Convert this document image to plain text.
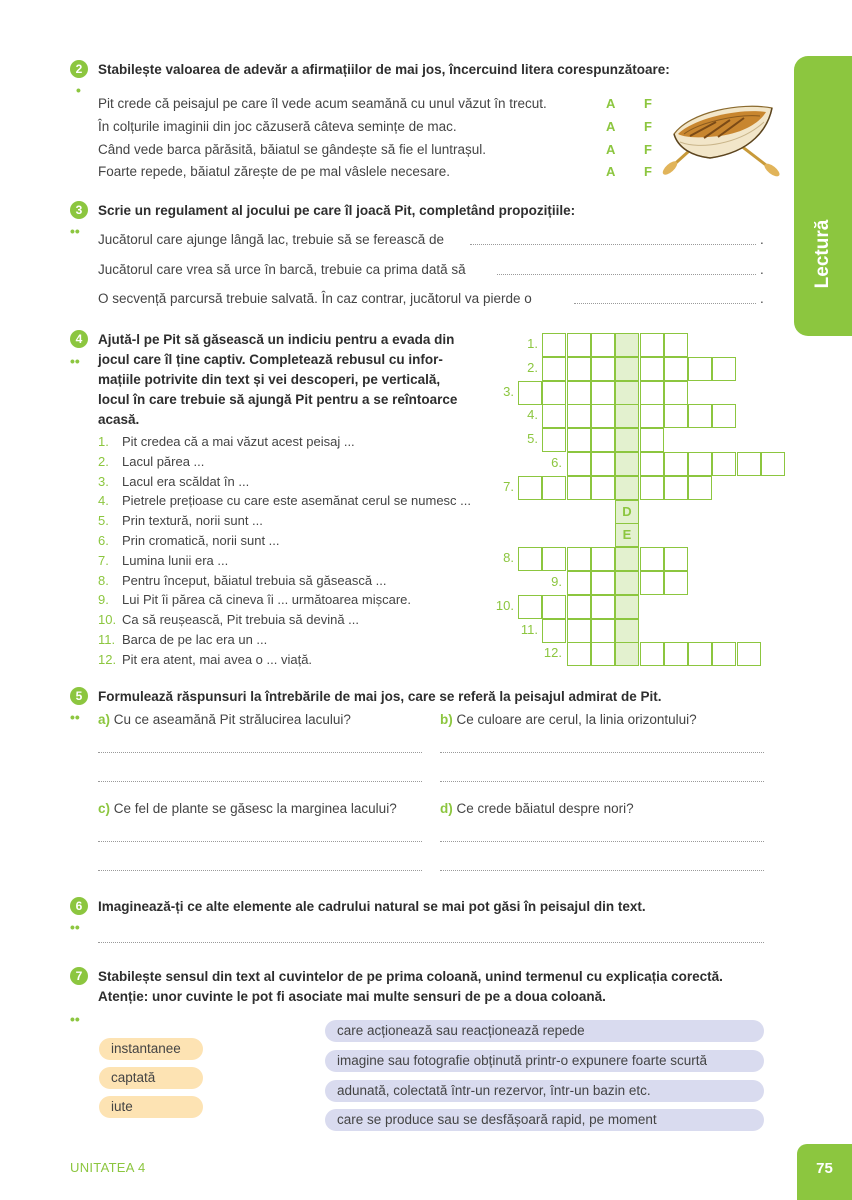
Lectură
2
•
Stabilește valoarea de adevăr a afirmațiilor de mai jos, încercuind litera corespunzătoare:
Pit crede că peisajul pe care îl vede acum seamănă cu unul văzut în trecut.	A F
În colțurile imaginii din joc căzuseră câteva semințe de mac.	A F
Când vede barca părăsită, băiatul se gândește să fie el luntrașul.	A F
Foarte repede, băiatul zărește de pe mal vâslele necesare.	A F
3
••
Scrie un regulament al jocului pe care îl joacă Pit, completând propozițiile:
Jucătorul care ajunge lângă lac, trebuie să se ferească de	.
Jucătorul care vrea să urce în barcă, trebuie ca prima dată să	.
O secvență parcursă trebuie salvată. În caz contrar, jucătorul va pierde o	.
4
••
Ajută-l pe Pit să găsească un indiciu pentru a evada din
jocul care îl ține captiv. Completează rebusul cu infor-
mațiile potrivite din text și vei descoperi, pe verticală,
locul în care trebuie să ajungă Pit pentru a se reîntoarce
acasă.
1.	Pit credea că a mai văzut acest peisaj ...
2.	Lacul părea ...
3.	Lacul era scăldat în ...
4.	Pietrele prețioase cu care este asemănat cerul se numesc ...
5.	Prin textură, norii sunt ...
6.	Prin cromatică, norii sunt ...
7.	Lumina lunii era ...
8.	Pentru început, băiatul trebuia să găsească ...
9.	Lui Pit îi părea că cineva îi ... următoarea mișcare.
10. Ca să reușească, Pit trebuia să devină ...
11. Barca de pe lac era un ...
12. Pit era atent, mai avea o ... viață.
1.
2.
3.
4.
5.
6.
7.
D
E
8.
9.
10.
11.
12.
5
••
Formulează răspunsuri la întrebările de mai jos, care se referă la peisajul admirat de Pit.
a) Cu ce aseamănă Pit strălucirea lacului?	b) Ce culoare are cerul, la linia orizontului?
c) Ce fel de plante se găsesc la marginea lacului?	d) Ce crede băiatul despre nori?
6
••
Imaginează-ți ce alte elemente ale cadrului natural se mai pot găsi în peisajul din text.
7
••
Stabilește sensul din text al cuvintelor de pe prima coloană, unind termenul cu explicația corectă.
Atenție: unor cuvinte le pot fi asociate mai multe sensuri de pe a doua coloană.
instantanee
captată
iute
care acționează sau reacționează repede
imagine sau fotografie obținută printr-o expunere foarte scurtă
adunată, colectată într-un rezervor, într-un bazin etc.
care se produce sau se desfășoară rapid, pe moment
UNITATEA 4	75
